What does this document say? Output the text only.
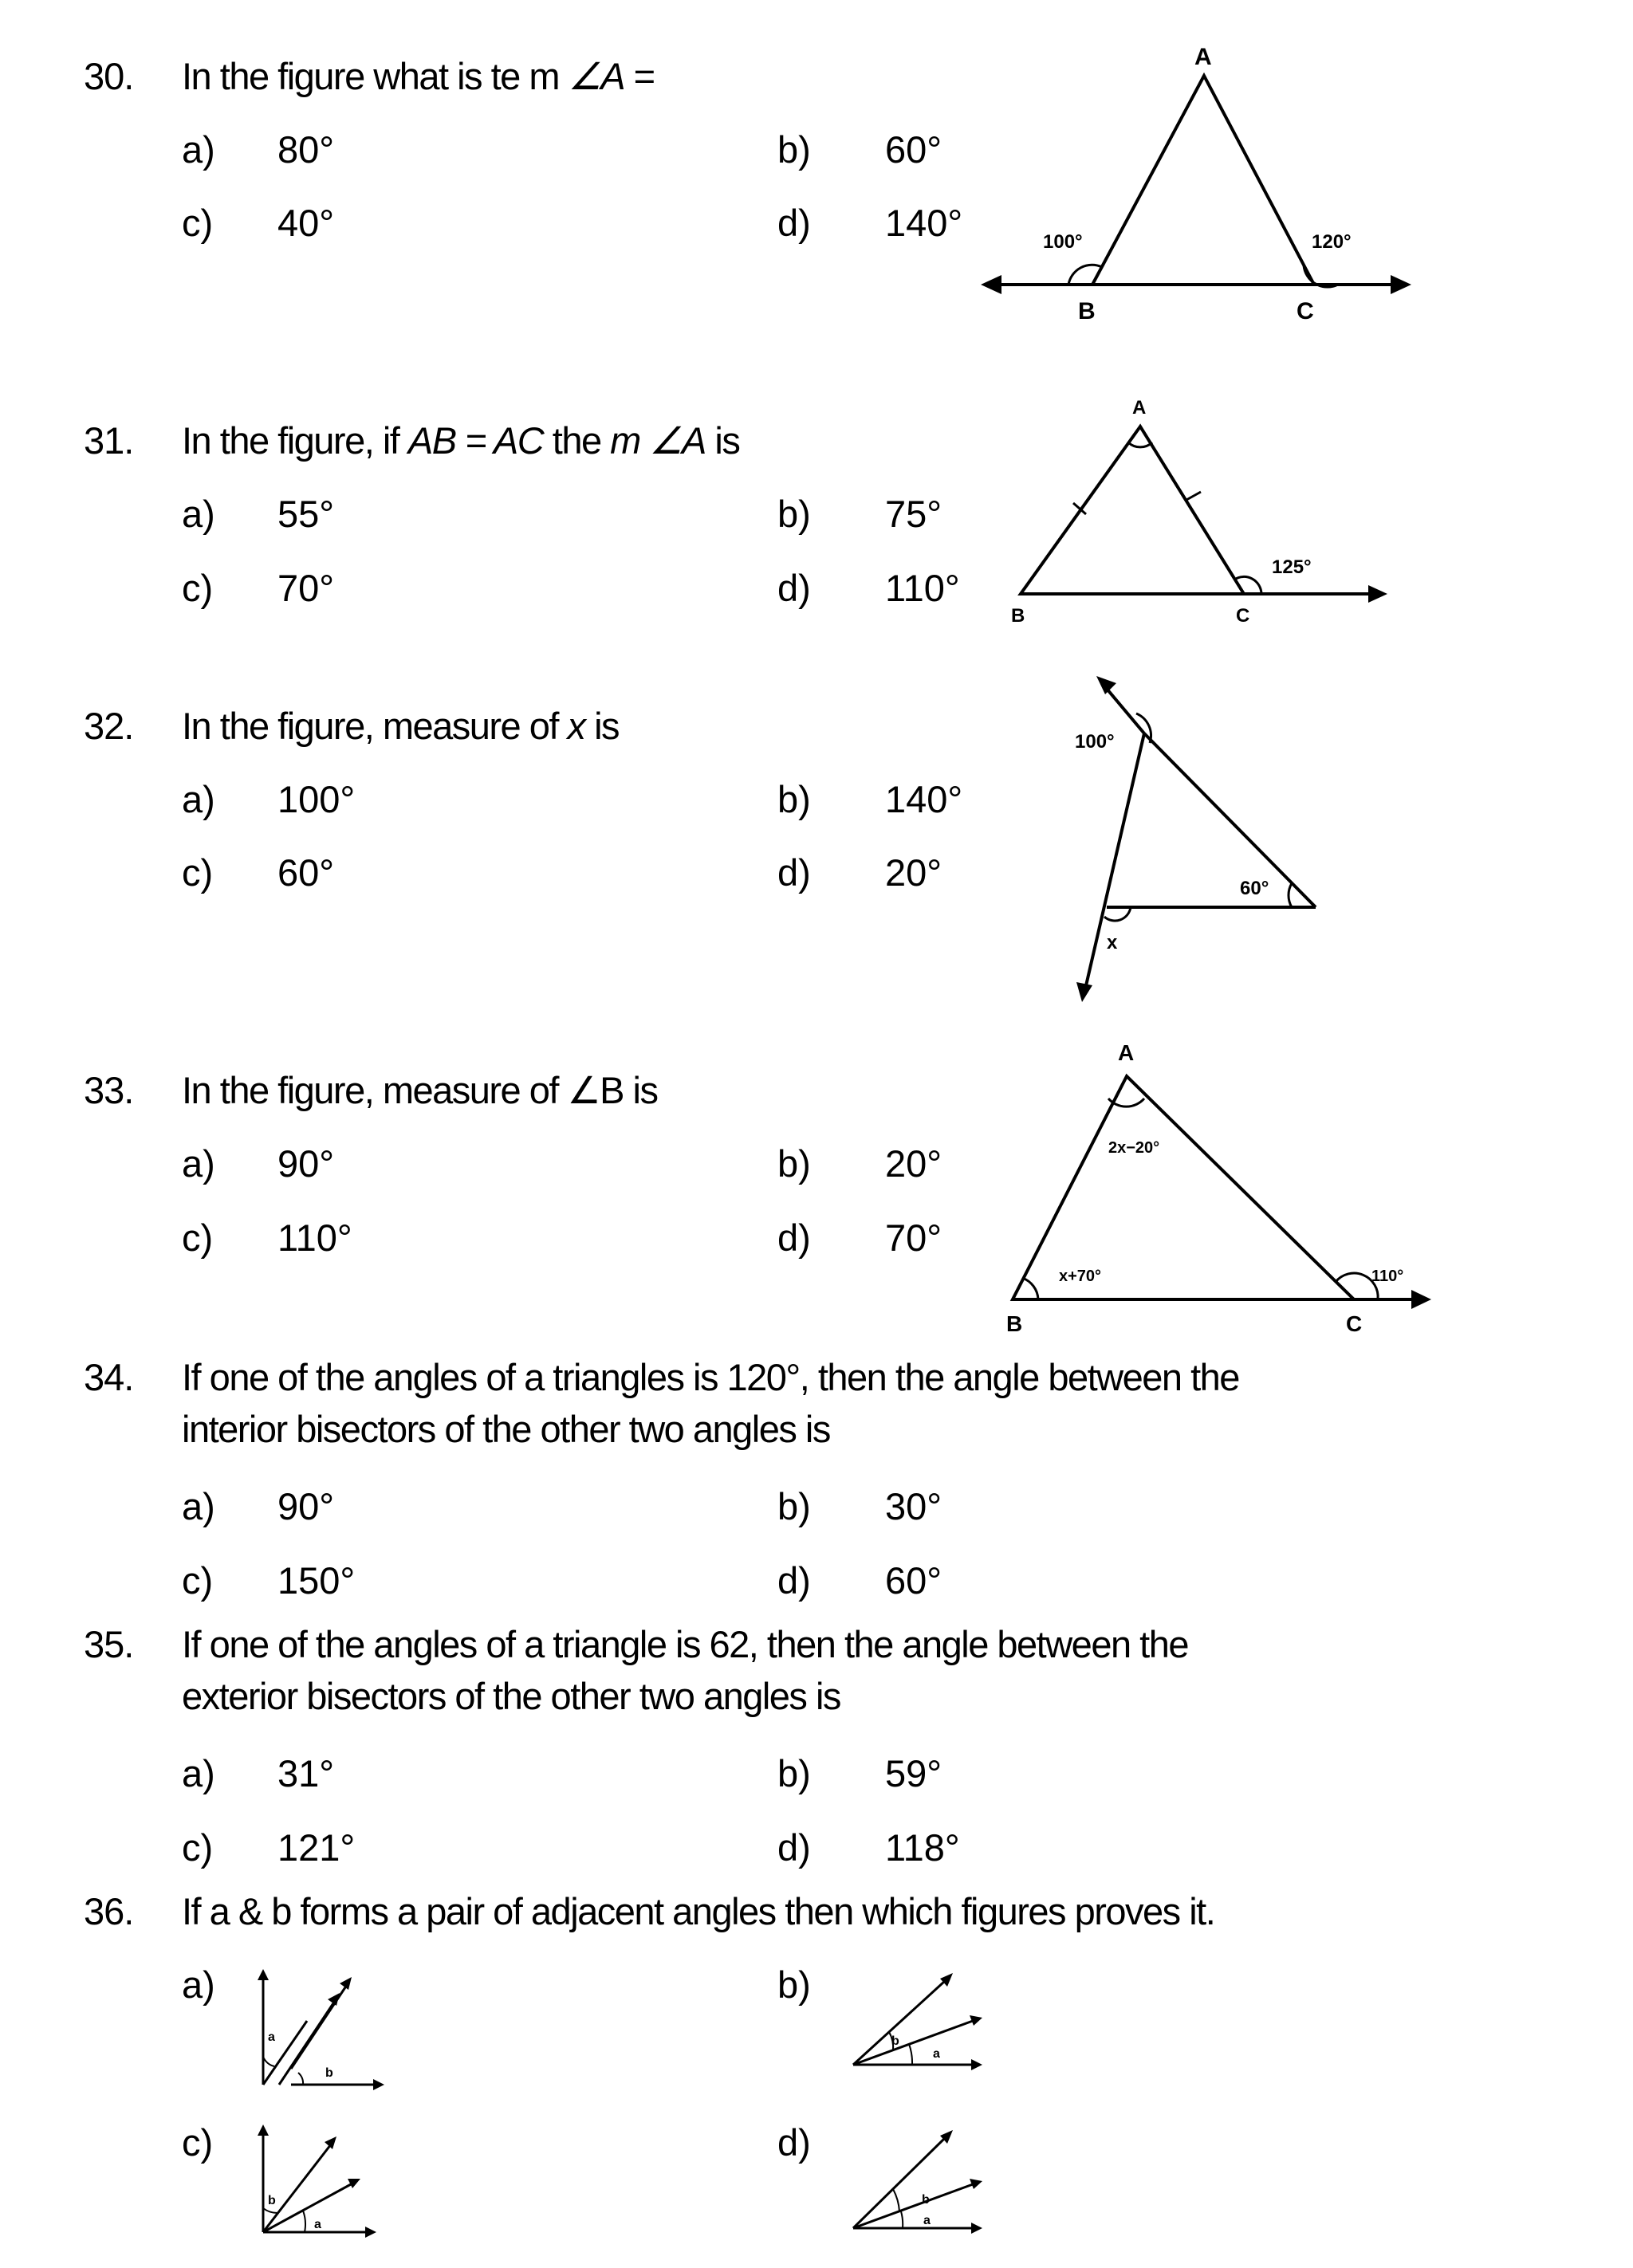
30. In the figure what is te m ∠A =
a) 80°	b) 60°
c) 40°	d) 140°
A
B	C
100°	120°
31. In the figure, if AB = AC the m ∠A is
a) 55°	b) 75°
c) 70°	d) 110°
A
B	C
125°
32. In the figure, measure of x is
a) 100°	b) 140°
c) 60°	d) 20°
100°
60°
x
33. In the figure, measure of ∠B is
a) 90°	b) 20°
c) 110°	d) 70°
A
B	C
2x−20°
x+70°	110°
34. If one of the angles of a triangles is 120°, then the angle between the
interior bisectors of the other two angles is
a) 90°	b) 30°
c) 150°	d) 60°
35. If one of the angles of a triangle is 62, then the angle between the
exterior bisectors of the other two angles is
a) 31°	b) 59°
c) 121°	d) 118°
36. If a & b forms a pair of adjacent angles then which figures proves it.
a)
a
b
b)
b
a
c)
b
a
d)
b
a
